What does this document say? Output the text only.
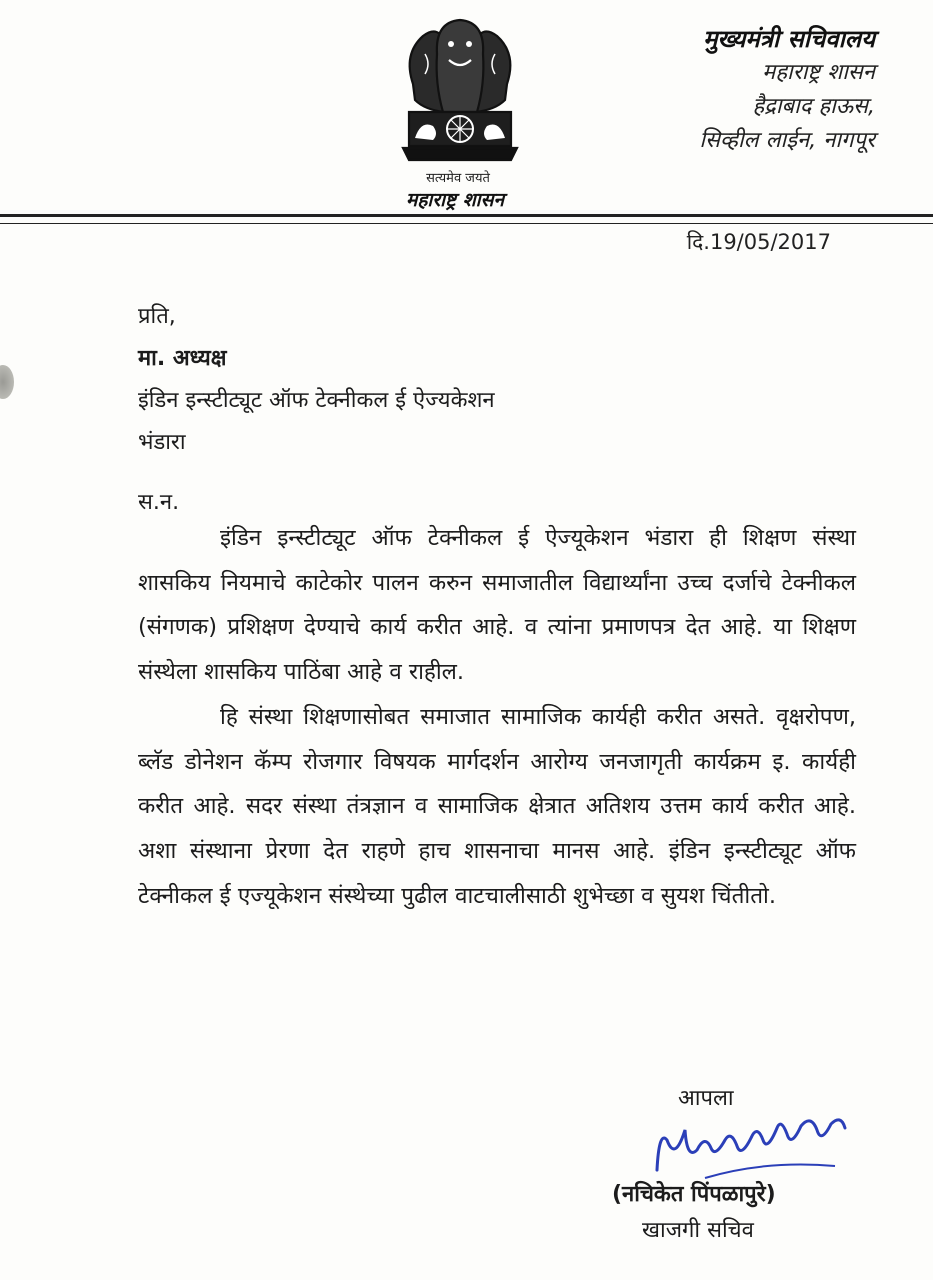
सत्यमेव जयते
महाराष्ट्र शासन
मुख्यमंत्री सचिवालय
महाराष्ट्र शासन
हैद्राबाद हाऊस,
सिव्हील लाईन, नागपूर
दि.19/05/2017
प्रति,
मा. अध्यक्ष
इंडिन इन्स्टीट्यूट ऑफ टेक्नीकल ई ऐज्यकेशन
भंडारा
स.न.

इंडिन इन्स्टीट्यूट ऑफ टेक्नीकल ई ऐज्यूकेशन भंडारा ही शिक्षण संस्था शासकिय नियमाचे काटेकोर पालन करुन समाजातील विद्यार्थ्यांना उच्च दर्जाचे टेक्नीकल (संगणक) प्रशिक्षण देण्याचे कार्य करीत आहे. व त्यांना प्रमाणपत्र देत आहे. या शिक्षण संस्थेला शासकिय पाठिंबा आहे व राहील.

हि संस्था शिक्षणासोबत समाजात सामाजिक कार्यही करीत असते. वृक्षरोपण, ब्लॅड डोनेशन कॅम्प रोजगार विषयक मार्गदर्शन आरोग्य जनजागृती कार्यक्रम इ. कार्यही करीत आहे. सदर संस्था तंत्रज्ञान व सामाजिक क्षेत्रात अतिशय उत्तम कार्य करीत आहे. अशा संस्थाना प्रेरणा देत राहणे हाच शासनाचा मानस आहे. इंडिन इन्स्टीट्यूट ऑफ टेक्नीकल ई एज्यूकेशन संस्थेच्या पुढील वाटचालीसाठी शुभेच्छा व सुयश चिंतीतो.

आपला
(नचिकेत पिंपळापुरे)
खाजगी सचिव
